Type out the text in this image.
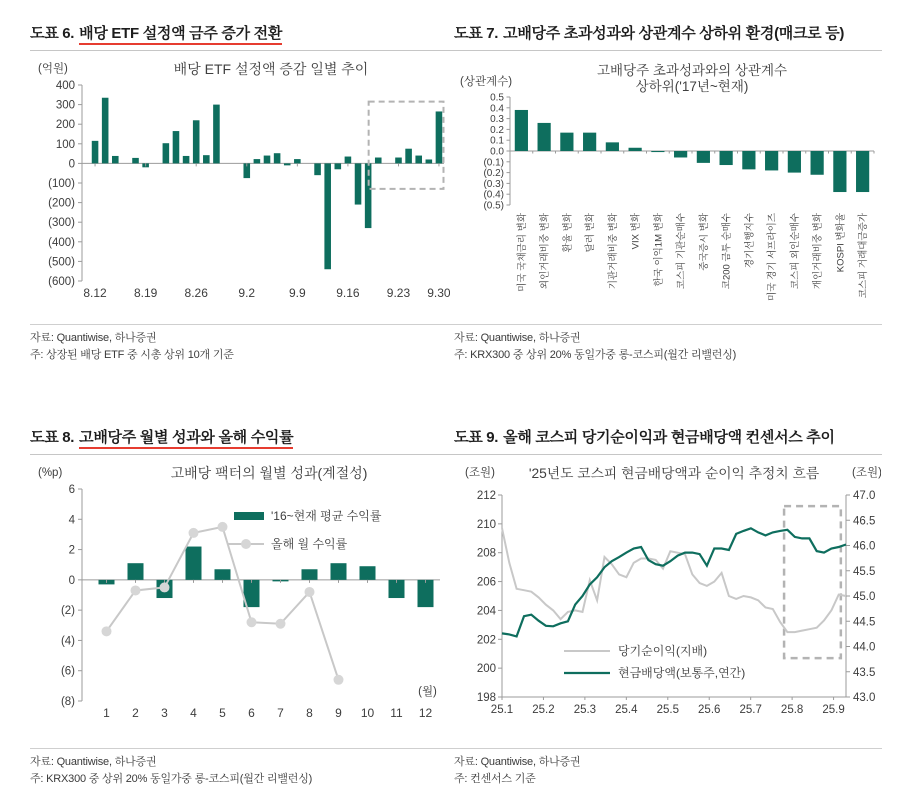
도표 6. 배당 ETF 설정액 금주 증가 전환
배당 ETF 설정액 증감 일별 추이
(억원)
400
300
200
100
0
(100)
(200)
(300)
(400)
(500)
(600)
8.12 8.19 8.26	9.2	9.9	9.16 9.23 9.30
자료: Quantiwise, 하나증권
주: 상장된 배당 ETF 중 시총 상위 10개 기준
도표 7. 고배당주 초과성과와 상관계수 상하위 환경(매크로 등)
고배당주 초과성과와의 상관계수
상하위('17년~현재)
(상관계수)
0.5
0.4
0.3
0.2
0.1
0.0
(0.1)
(0.2)
(0.3)
(0.4)
(0.5)
미국 국채금리 변화 외인거래비중 변화 환율 변화 달러 변화 기관거래비중 변화 VIX 변화 한국 이익1M 변화 코스피 기관순매수 중국증시 변화 코200 금투 순매수 경기선행지수 미국 경기 서프라이즈 코스피 외인순매수 개인거래비중 변화 KOSPI 변화율 코스피 거래대금증가
자료: Quantiwise, 하나증권
주: KRX300 중 상위 20% 동일가중 롱-코스피(월간 리밸런싱)
도표 8. 고배당주 월별 성과와 올해 수익률
고배당 팩터의 월별 성과(계절성)
(%p)
6
4
2
0
(2)
(4)
(6)
(8)
1 2 3 4 5 6 7 8 9 10 11 12
(월)
'16~현재 평균 수익률
올해 월 수익률
자료: Quantiwise, 하나증권
주: KRX300 중 상위 20% 동일가중 롱-코스피(월간 리밸런싱)
도표 9. 올해 코스피 당기순이익과 현금배당액 컨센서스 추이
'25년도 코스피 현금배당액과 순이익 추정치 흐름
(조원)	(조원)
212
210
208
206
204
202
200
198
47.0
46.5
46.0
45.5
45.0
44.5
44.0
43.5
43.0
25.1 25.2 25.3 25.4 25.5 25.6 25.7 25.8 25.9
당기순이익(지배)
현금배당액(보통주,연간)
자료: Quantiwise, 하나증권
주: 컨센서스 기준
